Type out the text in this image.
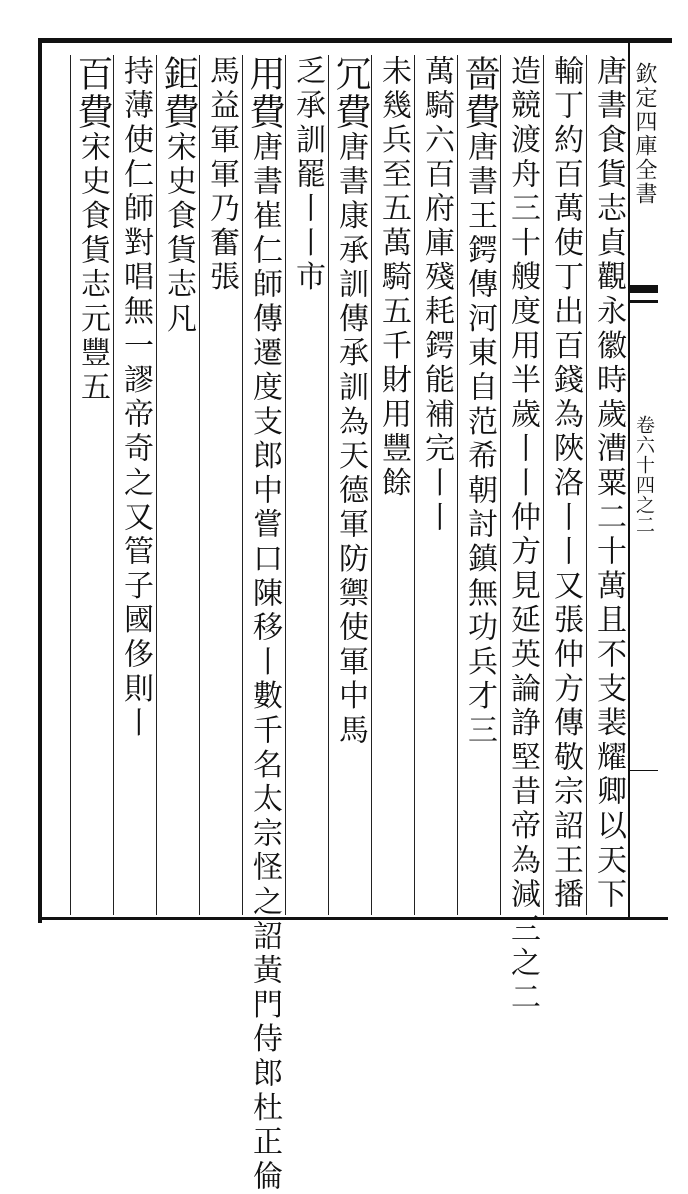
欽定四庫全書
卷六十四之二
唐書食貨志貞觀永徽時歲漕粟二十萬且不支裴耀卿以天下
輸丁約百萬使丁出百錢為陜洛丨丨又張仲方傳敬宗詔王播
造競渡舟三十艘度用半歲丨丨仲方見延英論諍堅昔帝為減三之二
嗇費唐書王鍔傳河東自范希朝討鎮無功兵才三
萬騎六百府庫殘耗鍔能補完丨丨
未幾兵至五萬騎五千財用豐餘
冗費唐書康承訓傳承訓為天德軍防禦使軍中馬
乏承訓罷丨丨市
用費唐書崔仁師傳遷度支郎中嘗口陳移丨數千名太宗怪之詔黃門侍郎杜正倫
馬益軍軍乃奮張
鉅費宋史食貨志凡
持薄使仁師對唱無一謬帝奇之又管子國侈則丨
百費宋史食貨志元豐五
